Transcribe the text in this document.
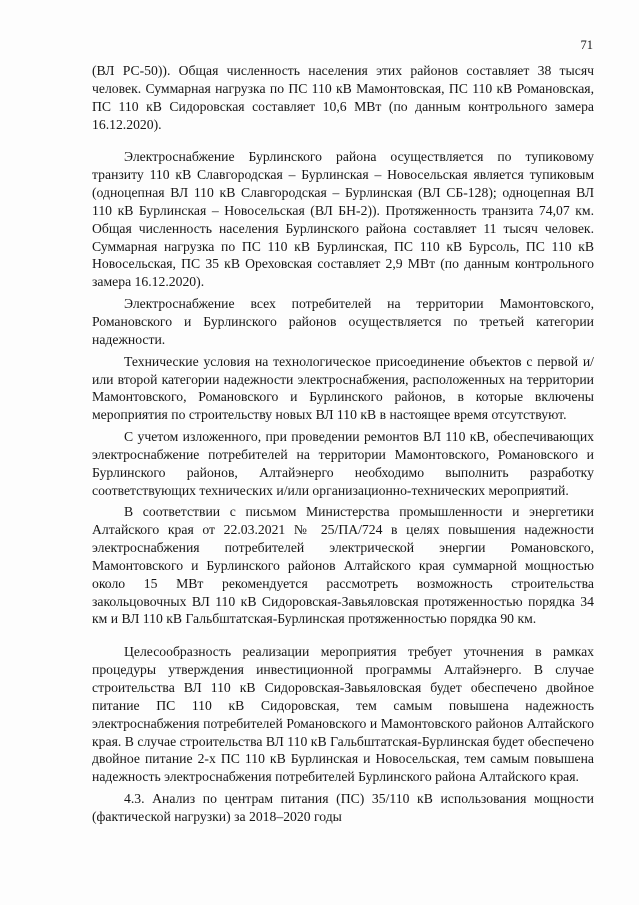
71

(ВЛ РС-50)). Общая численность населения этих районов составляет 38 тысяч человек. Суммарная нагрузка по ПС 110 кВ Мамонтовская, ПС 110 кВ Романовская, ПС 110 кВ Сидоровская составляет 10,6 МВт (по данным контрольного замера 16.12.2020).

Электроснабжение Бурлинского района осуществляется по тупиковому транзиту 110 кВ Славгородская – Бурлинская – Новосельская является тупиковым (одноцепная ВЛ 110 кВ Славгородская – Бурлинская (ВЛ СБ-128); одноцепная ВЛ 110 кВ Бурлинская – Новосельская (ВЛ БН-2)). Протяженность транзита 74,07 км. Общая численность населения Бурлинского района составляет 11 тысяч человек. Суммарная нагрузка по ПС 110 кВ Бурлинская, ПС 110 кВ Бурсоль, ПС 110 кВ Новосельская, ПС 35 кВ Ореховская составляет 2,9 МВт (по данным контрольного замера 16.12.2020).

Электроснабжение всех потребителей на территории Мамонтовского, Романовского и Бурлинского районов осуществляется по третьей категории надежности.

Технические условия на технологическое присоединение объектов с первой и/или второй категории надежности электроснабжения, расположенных на территории Мамонтовского, Романовского и Бурлинского районов, в которые включены мероприятия по строительству новых ВЛ 110 кВ в настоящее время отсутствуют.

С учетом изложенного, при проведении ремонтов ВЛ 110 кВ, обеспечивающих электроснабжение потребителей на территории Мамонтовского, Романовского и Бурлинского районов, Алтайэнерго необходимо выполнить разработку соответствующих технических и/или организационно-технических мероприятий.

В соответствии с письмом Министерства промышленности и энергетики Алтайского края от 22.03.2021 № 25/ПА/724 в целях повышения надежности электроснабжения потребителей электрической энергии Романовского, Мамонтовского и Бурлинского районов Алтайского края суммарной мощностью около 15 МВт рекомендуется рассмотреть возможность строительства закольцовочных ВЛ 110 кВ Сидоровская-Завьяловская протяженностью порядка 34 км и ВЛ 110 кВ Гальбштатская-Бурлинская протяженностью порядка 90 км.

Целесообразность реализации мероприятия требует уточнения в рамках процедуры утверждения инвестиционной программы Алтайэнерго. В случае строительства ВЛ 110 кВ Сидоровская-Завьяловская будет обеспечено двойное питание ПС 110 кВ Сидоровская, тем самым повышена надежность электроснабжения потребителей Романовского и Мамонтовского районов Алтайского края. В случае строительства ВЛ 110 кВ Гальбштатская-Бурлинская будет обеспечено двойное питание 2-х ПС 110 кВ Бурлинская и Новосельская, тем самым повышена надежность электроснабжения потребителей Бурлинского района Алтайского края.

4.3. Анализ по центрам питания (ПС) 35/110 кВ использования мощности (фактической нагрузки) за 2018–2020 годы
